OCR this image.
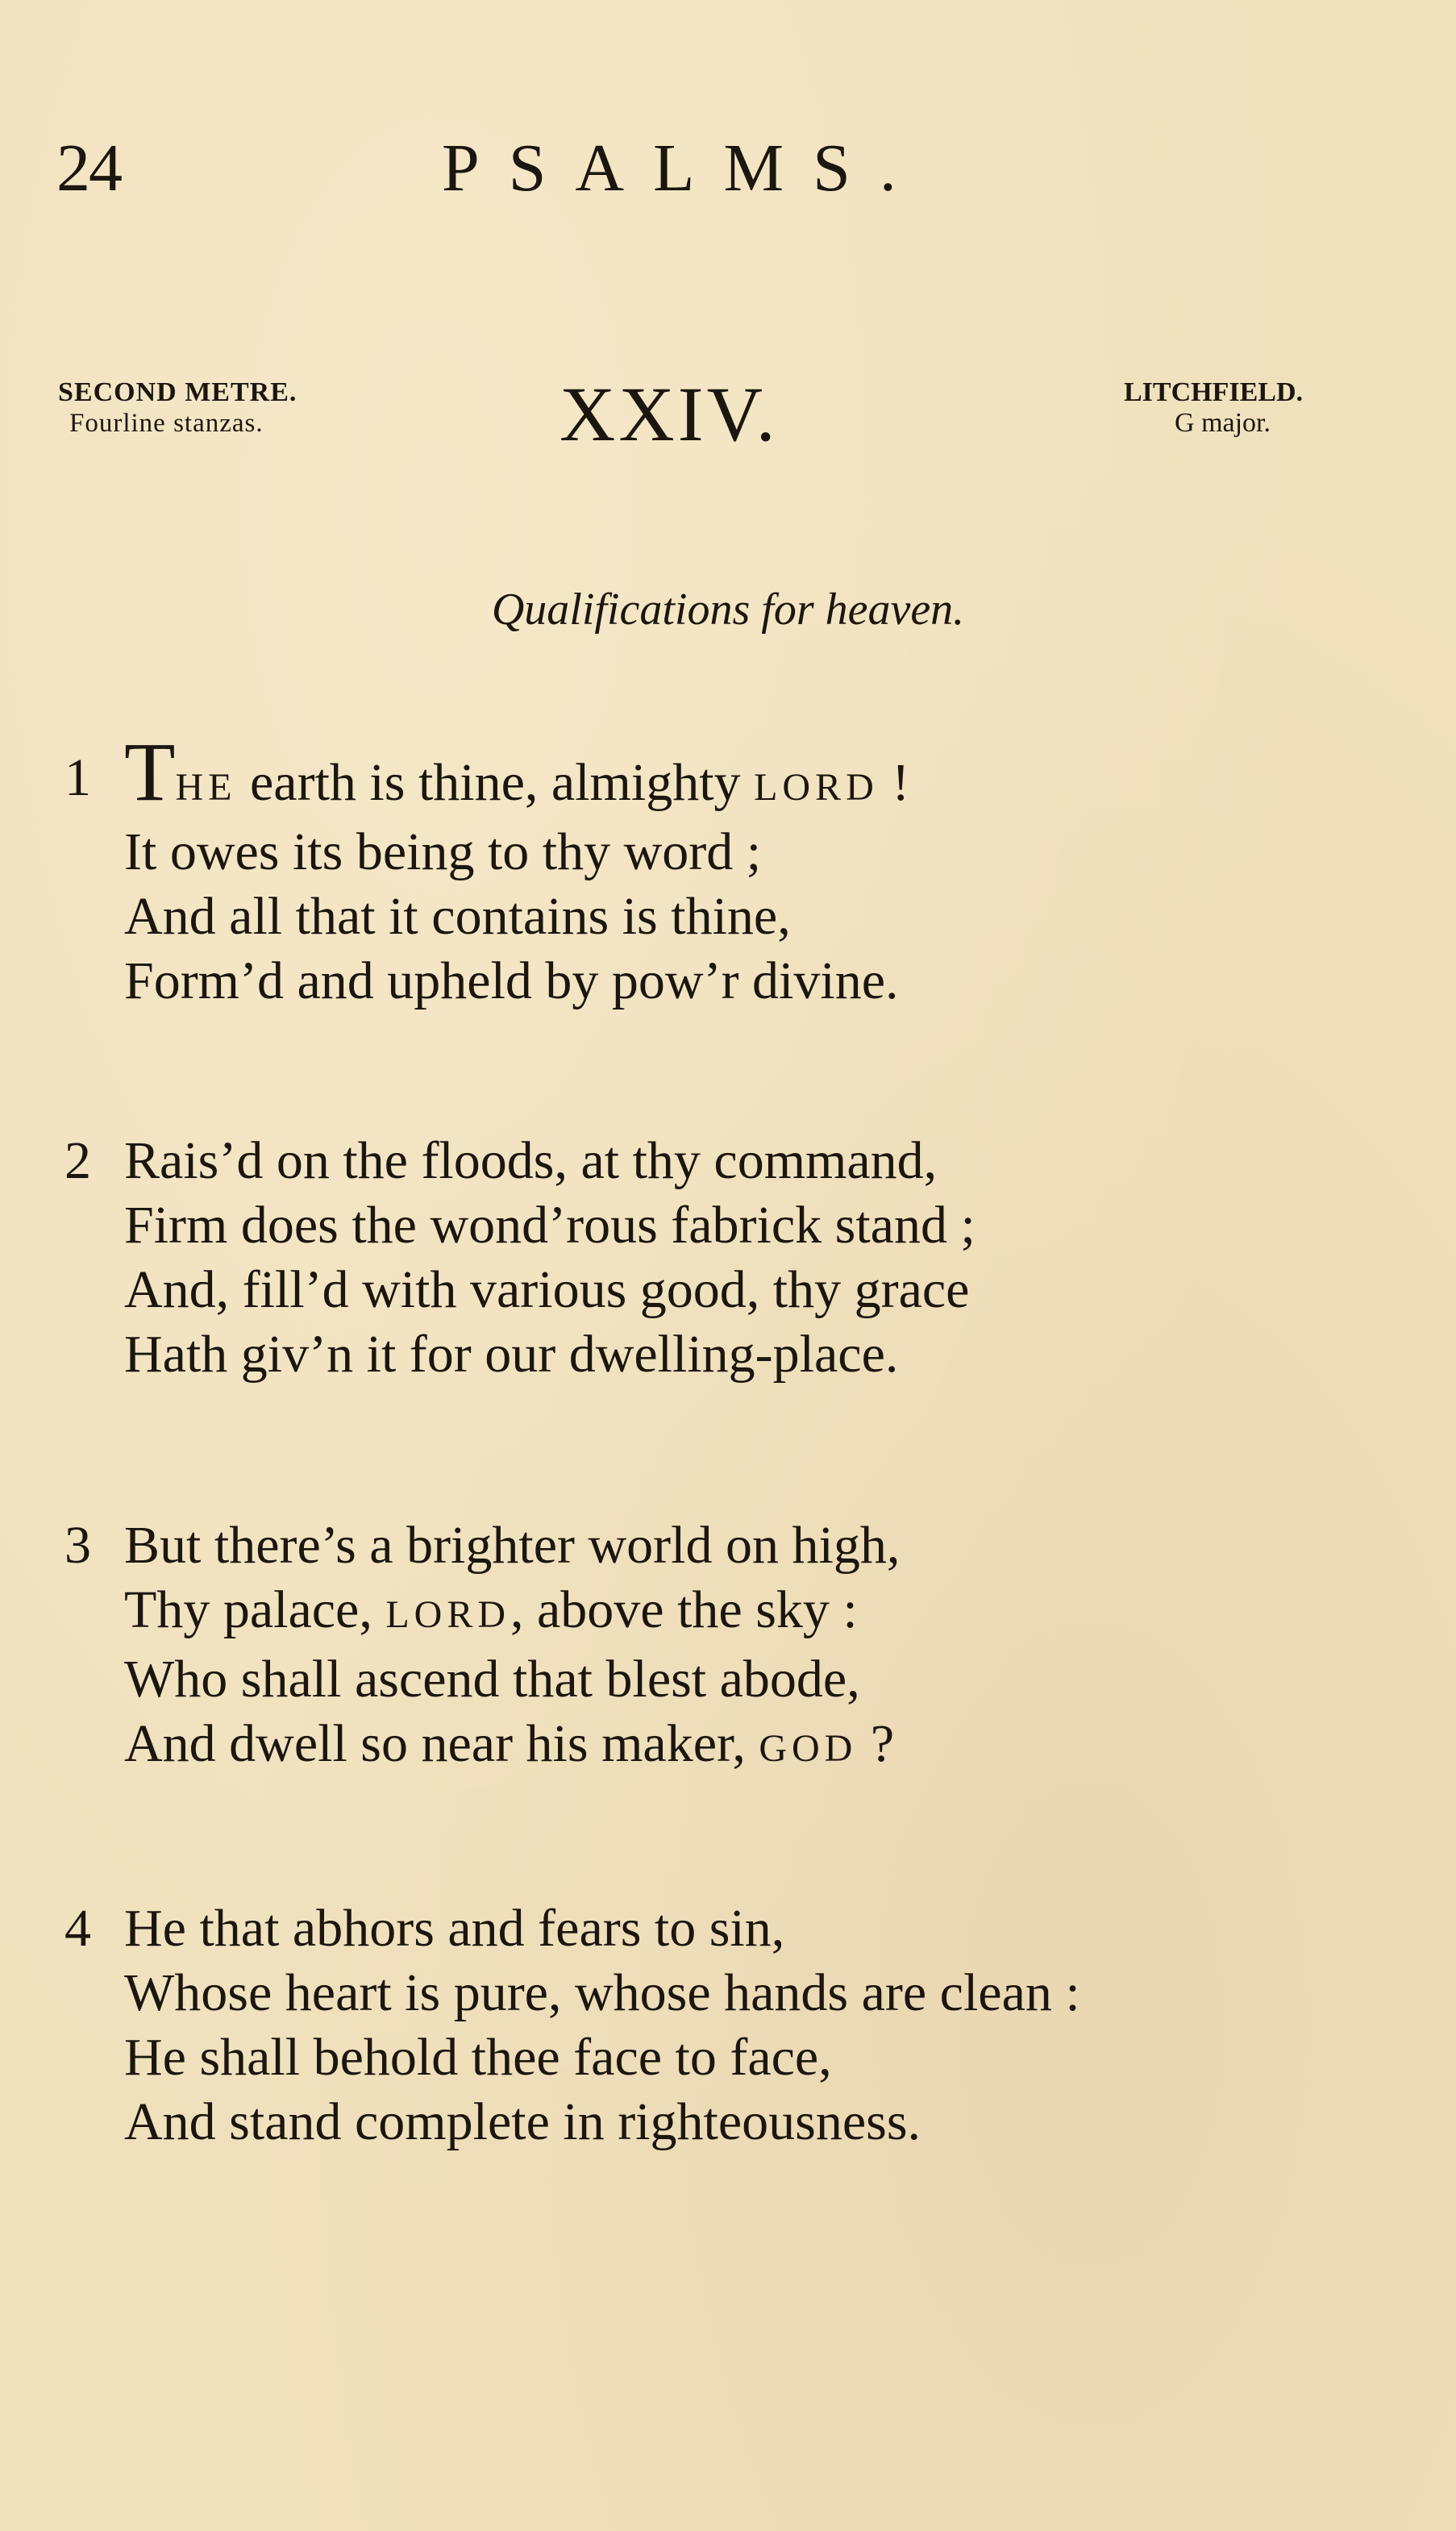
24	PSALMS.
SECOND METRE.
Fourline stanzas.	XXIV.	LITCHFIELD.
G major.
Qualifications for heaven.
1 THE earth is thine, almighty LORD !
It owes its being to thy word ;
And all that it contains is thine,
Form’d and upheld by pow’r divine.
2 Rais’d on the floods, at thy command,
Firm does the wond’rous fabrick stand ;
And, fill’d with various good, thy grace
Hath giv’n it for our dwelling-place.
3 But there’s a brighter world on high,
Thy palace, LORD, above the sky :
Who shall ascend that blest abode,
And dwell so near his maker, GOD ?
4 He that abhors and fears to sin,
Whose heart is pure, whose hands are clean :
He shall behold thee face to face,
And stand complete in righteousness.
